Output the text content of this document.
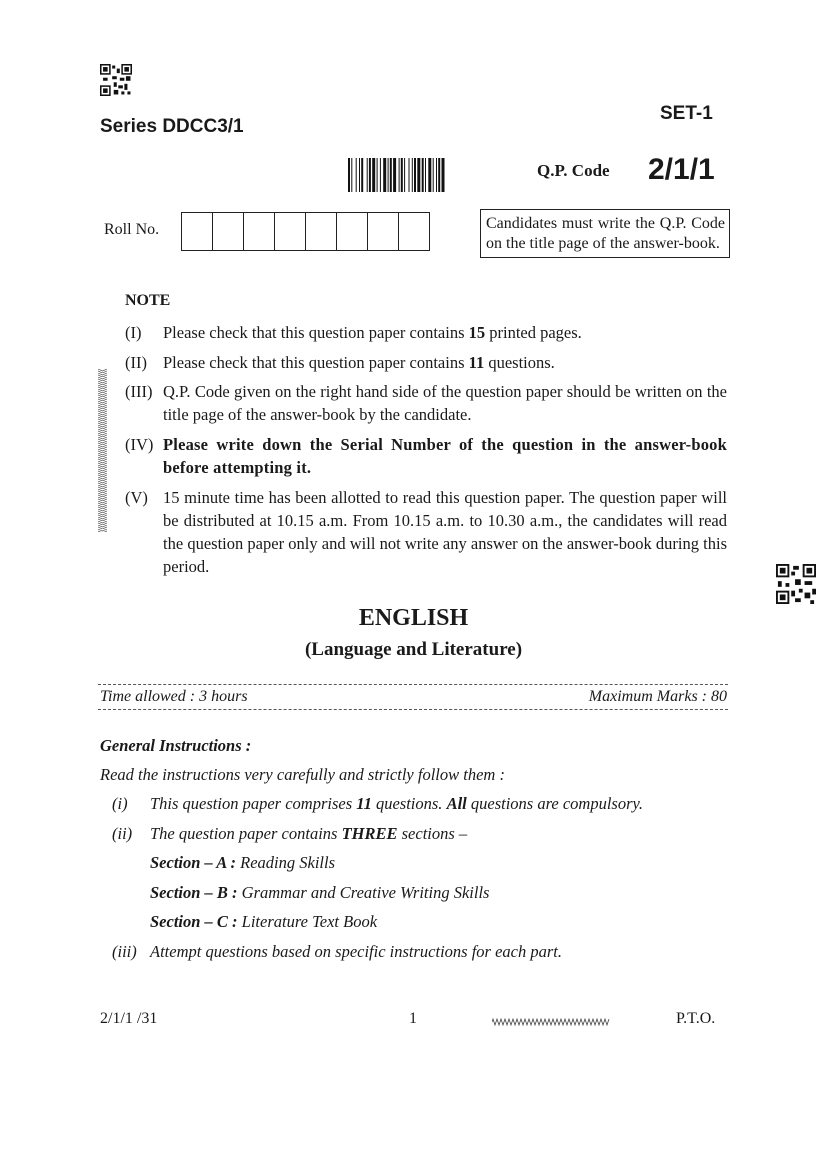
Series DDCC3/1
SET-1
Q.P. Code 2/1/1
Roll No.	Candidates must write the Q.P. Code on the title page of the answer-book.
NOTE
(I) Please check that this question paper contains 15 printed pages.
(II) Please check that this question paper contains 11 questions.
(III) Q.P. Code given on the right hand side of the question paper should be written on the title page of the answer-book by the candidate.
(IV) Please write down the Serial Number of the question in the answer-book before attempting it.
(V) 15 minute time has been allotted to read this question paper. The question paper will be distributed at 10.15 a.m. From 10.15 a.m. to 10.30 a.m., the candidates will read the question paper only and will not write any answer on the answer-book during this period.
ENGLISH
(Language and Literature)
Time allowed : 3 hours	Maximum Marks : 80
General Instructions :
Read the instructions very carefully and strictly follow them :
(i) This question paper comprises 11 questions. All questions are compulsory.
(ii) The question paper contains THREE sections –
Section – A : Reading Skills
Section – B : Grammar and Creative Writing Skills
Section – C : Literature Text Book
(iii) Attempt questions based on specific instructions for each part.
2/1/1 /31	1	P.T.O.
